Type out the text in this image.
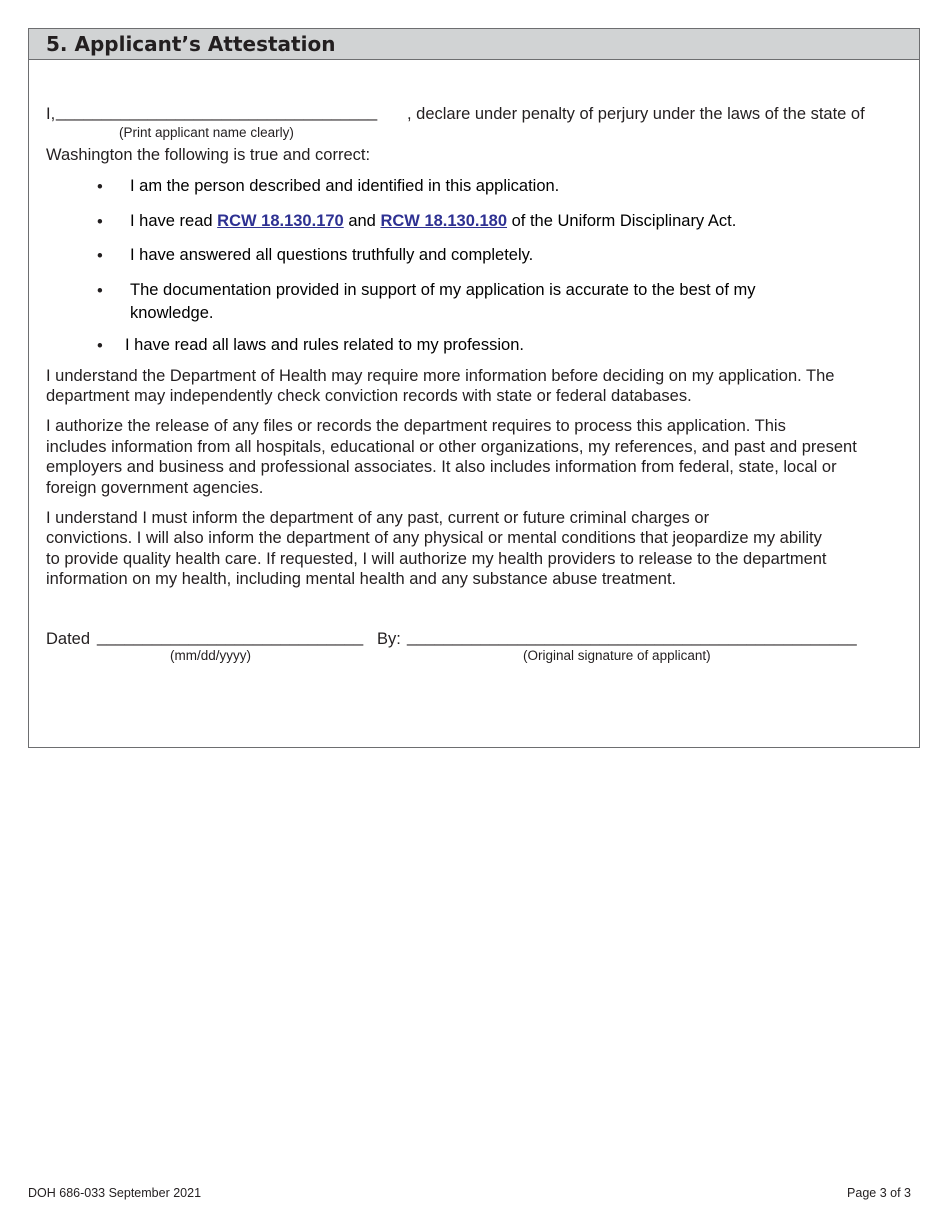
5. Applicant’s Attestation
I, ___________________________________ , declare under penalty of perjury under the laws of the state of
(Print applicant name clearly)
Washington the following is true and correct:
• I am the person described and identified in this application.
• I have read RCW 18.130.170 and RCW 18.130.180 of the Uniform Disciplinary Act.
• I have answered all questions truthfully and completely.
• The documentation provided in support of my application is accurate to the best of my
knowledge.
• I have read all laws and rules related to my profession.
I understand the Department of Health may require more information before deciding on my application. The
department may independently check conviction records with state or federal databases.
I authorize the release of any files or records the department requires to process this application. This
includes information from all hospitals, educational or other organizations, my references, and past and present
employers and business and professional associates. It also includes information from federal, state, local or
foreign government agencies.
I understand I must inform the department of any past, current or future criminal charges or
convictions. I will also inform the department of any physical or mental conditions that jeopardize my ability
to provide quality health care. If requested, I will authorize my health providers to release to the department
information on my health, including mental health and any substance abuse treatment.
Dated _____________________________
(mm/dd/yyyy)
By: _________________________________________________
(Original signature of applicant)
DOH 686-033 September 2021	Page 3 of 3
